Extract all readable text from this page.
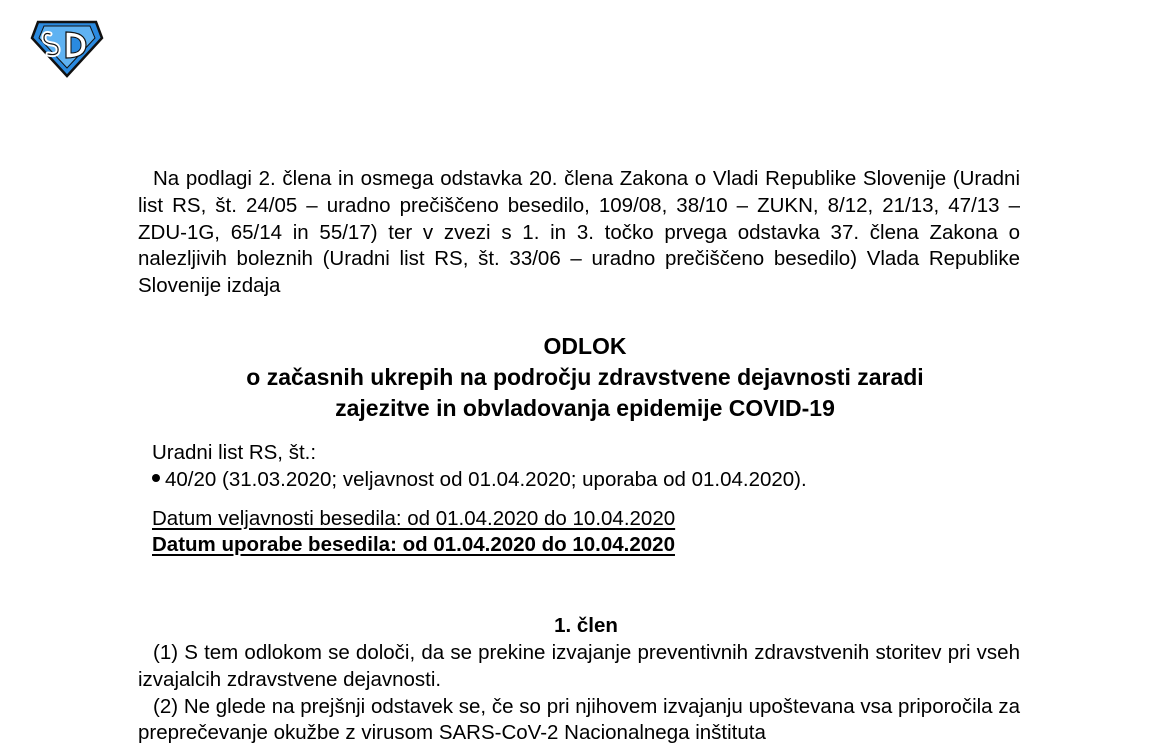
SD

Na podlagi 2. člena in osmega odstavka 20. člena Zakona o Vladi Republike Slovenije (Uradni list RS, št. 24/05 – uradno prečiščeno besedilo, 109/08, 38/10 – ZUKN, 8/12, 21/13, 47/13 – ZDU-1G, 65/14 in 55/17) ter v zvezi s 1. in 3. točko prvega odstavka 37. člena Zakona o nalezljivih boleznih (Uradni list RS, št. 33/06 – uradno prečiščeno besedilo) Vlada Republike Slovenije izdaja

ODLOK
o začasnih ukrepih na področju zdravstvene dejavnosti zaradi
zajezitve in obvladovanja epidemije COVID-19

Uradni list RS, št.:

40/20 (31.03.2020; veljavnost od 01.04.2020; uporaba od 01.04.2020).

Datum veljavnosti besedila: od 01.04.2020 do 10.04.2020

Datum uporabe besedila: od 01.04.2020 do 10.04.2020

1. člen

(1) S tem odlokom se določi, da se prekine izvajanje preventivnih zdravstvenih storitev pri vseh izvajalcih zdravstvene dejavnosti.

(2) Ne glede na prejšnji odstavek se, če so pri njihovem izvajanju upoštevana vsa priporočila za preprečevanje okužbe z virusom SARS-CoV-2 Nacionalnega inštituta
